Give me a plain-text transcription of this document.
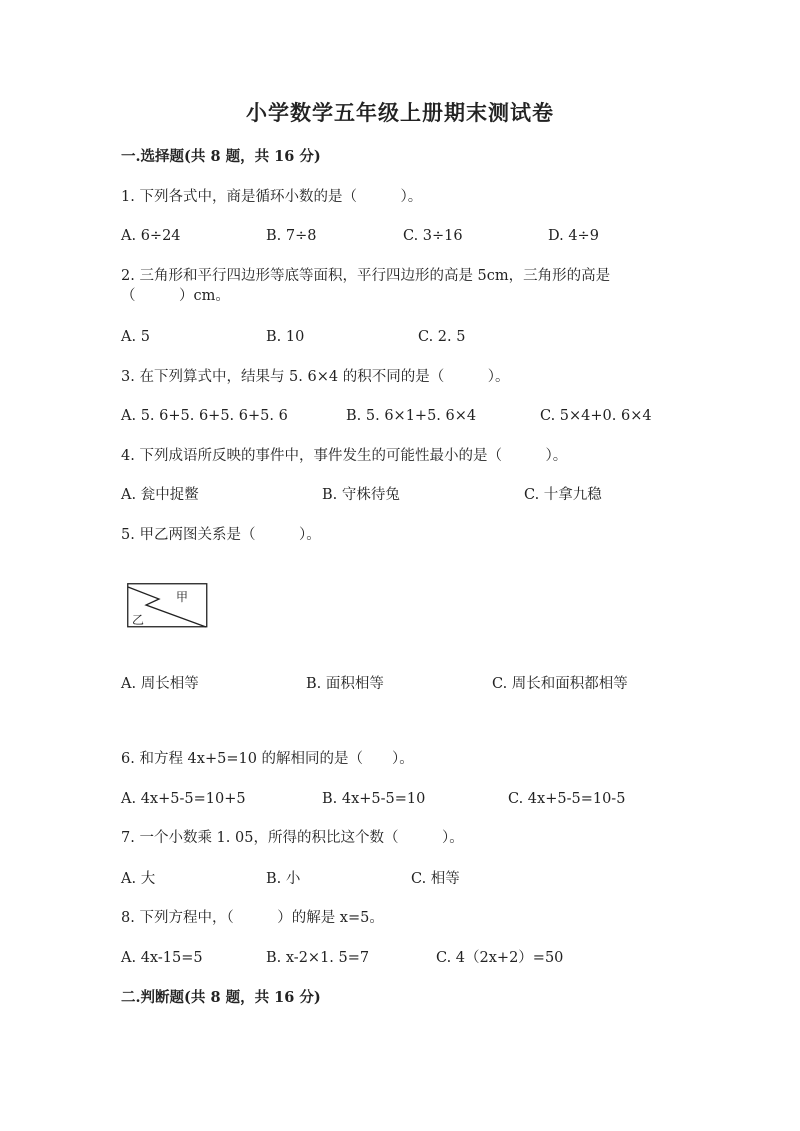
小学数学五年级上册期末测试卷
一.选择题(共 8 题，共 16 分)
1. 下列各式中，商是循环小数的是（　　　）。
A. 6÷24	B. 7÷8	C. 3÷16	D. 4÷9
2. 三角形和平行四边形等底等面积，平行四边形的高是 5cm，三角形的高是
（　　　）cm。
A. 5	B. 10	C. 2. 5
3. 在下列算式中，结果与 5. 6×4 的积不同的是（　　　）。
A. 5. 6+5. 6+5. 6+5. 6	B. 5. 6×1+5. 6×4	C. 5×4+0. 6×4
4. 下列成语所反映的事件中，事件发生的可能性最小的是（　　　）。
A. 瓮中捉鳖	B. 守株待兔	C. 十拿九稳
5. 甲乙两图关系是（　　　）。
甲
乙
A. 周长相等	B. 面积相等	C. 周长和面积都相等
6. 和方程 4x+5=10 的解相同的是（　　）。
A. 4x+5-5=10+5	B. 4x+5-5=10	C. 4x+5-5=10-5
7. 一个小数乘 1. 05，所得的积比这个数（　　　）。
A. 大	B. 小	C. 相等
8. 下列方程中，（　　　）的解是 x=5。
A. 4x-15=5	B. x-2×1. 5=7	C. 4（2x+2）=50
二.判断题(共 8 题，共 16 分)
